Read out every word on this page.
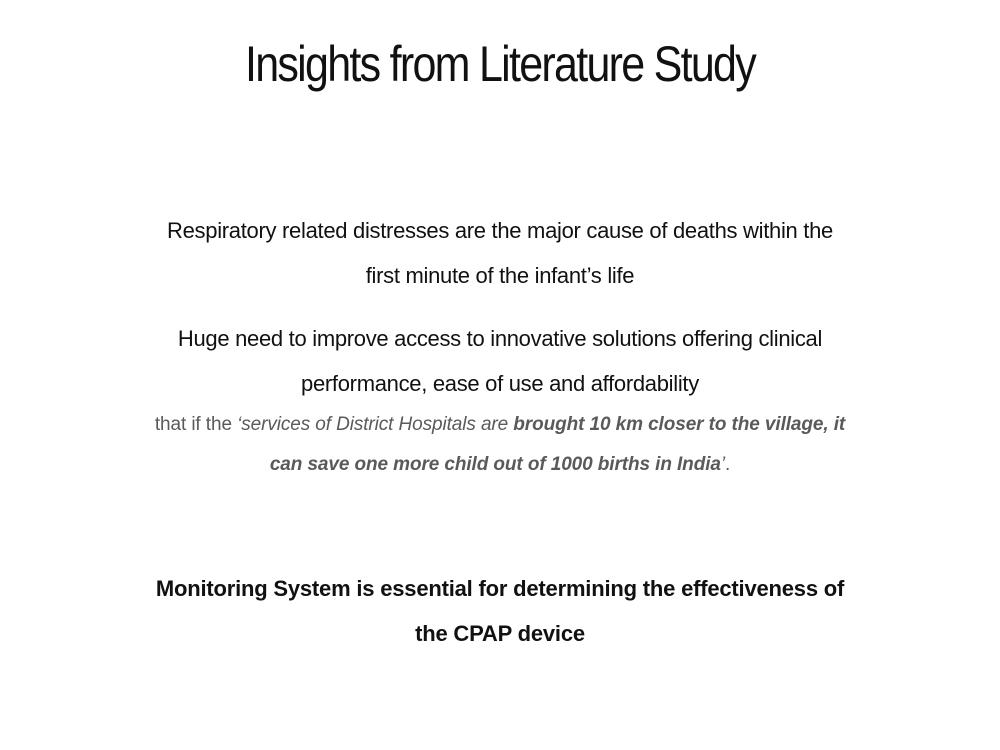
Insights from Literature Study

Respiratory related distresses are the major cause of deaths within the first minute of the infant’s life

Huge need to improve access to innovative solutions offering clinical performance, ease of use and affordability

that if the ‘services of District Hospitals are brought 10 km closer to the village, it can save one more child out of 1000 births in India’.

Monitoring System is essential for determining the effectiveness of the CPAP device
